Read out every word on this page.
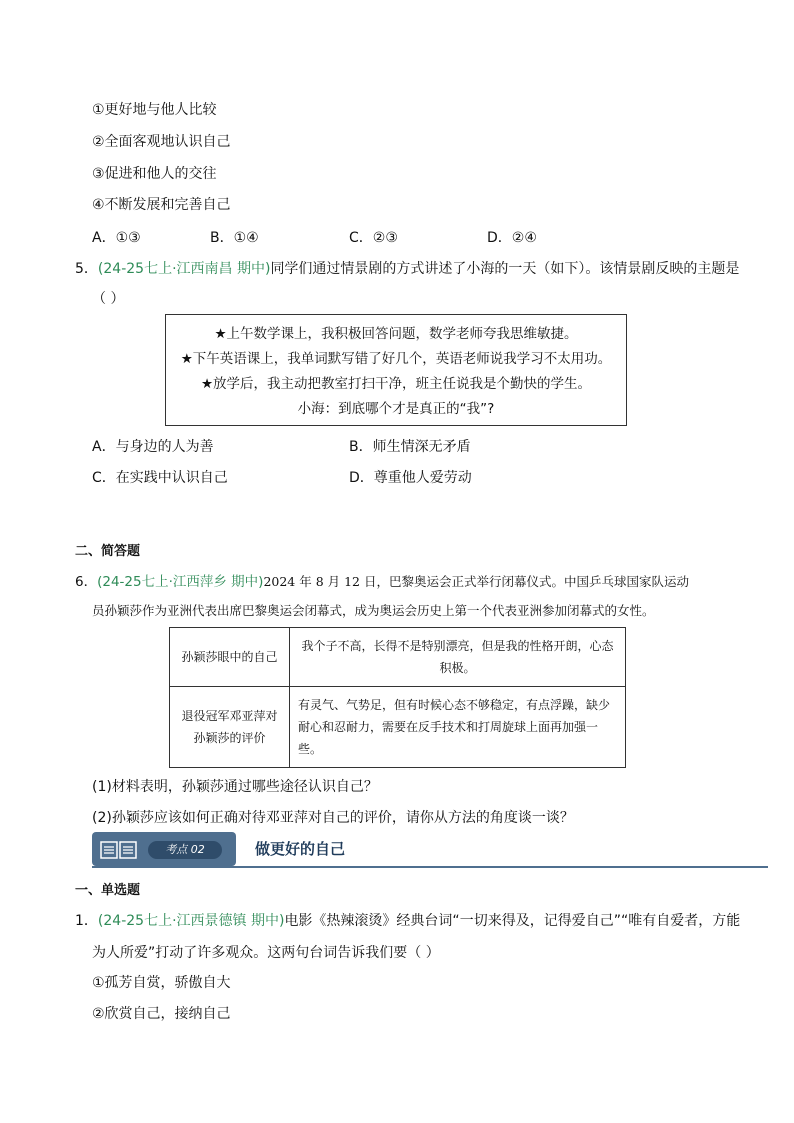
①更好地与他人比较
②全面客观地认识自己
③促进和他人的交往
④不断发展和完善自己
A．①③	B．①④	C．②③	D．②④
5．(24-25七上·江西南昌 期中)同学们通过情景剧的方式讲述了小海的一天（如下）。该情景剧反映的主题是
（ ）
★上午数学课上，我积极回答问题，数学老师夸我思维敏捷。
★下午英语课上，我单词默写错了好几个，英语老师说我学习不太用功。
★放学后，我主动把教室打扫干净，班主任说我是个勤快的学生。
小海：到底哪个才是真正的“我”?
A．与身边的人为善	B．师生情深无矛盾
C．在实践中认识自己	D．尊重他人爱劳动
二、简答题
6．(24-25七上·江西萍乡 期中)2024 年 8 月 12 日，巴黎奥运会正式举行闭幕仪式。中国乒乓球国家队运动
员孙颖莎作为亚洲代表出席巴黎奥运会闭幕式，成为奥运会历史上第一个代表亚洲参加闭幕式的女性。
孙颖莎眼中的自己	我个子不高，长得不是特别漂亮，但是我的性格开朗，心态积极。
退役冠军邓亚萍对孙颖莎的评价	有灵气、气势足，但有时候心态不够稳定，有点浮躁，缺少耐心和忍耐力，需要在反手技术和打周旋球上面再加强一些。
(1)材料表明，孙颖莎通过哪些途径认识自己？
(2)孙颖莎应该如何正确对待邓亚萍对自己的评价，请你从方法的角度谈一谈？
考点 02	做更好的自己
一、单选题
1．(24-25七上·江西景德镇 期中)电影《热辣滚烫》经典台词“一切来得及，记得爱自己”“唯有自爱者，方能
为人所爱”打动了许多观众。这两句台词告诉我们要（ ）
①孤芳自赏，骄傲自大
②欣赏自己，接纳自己
